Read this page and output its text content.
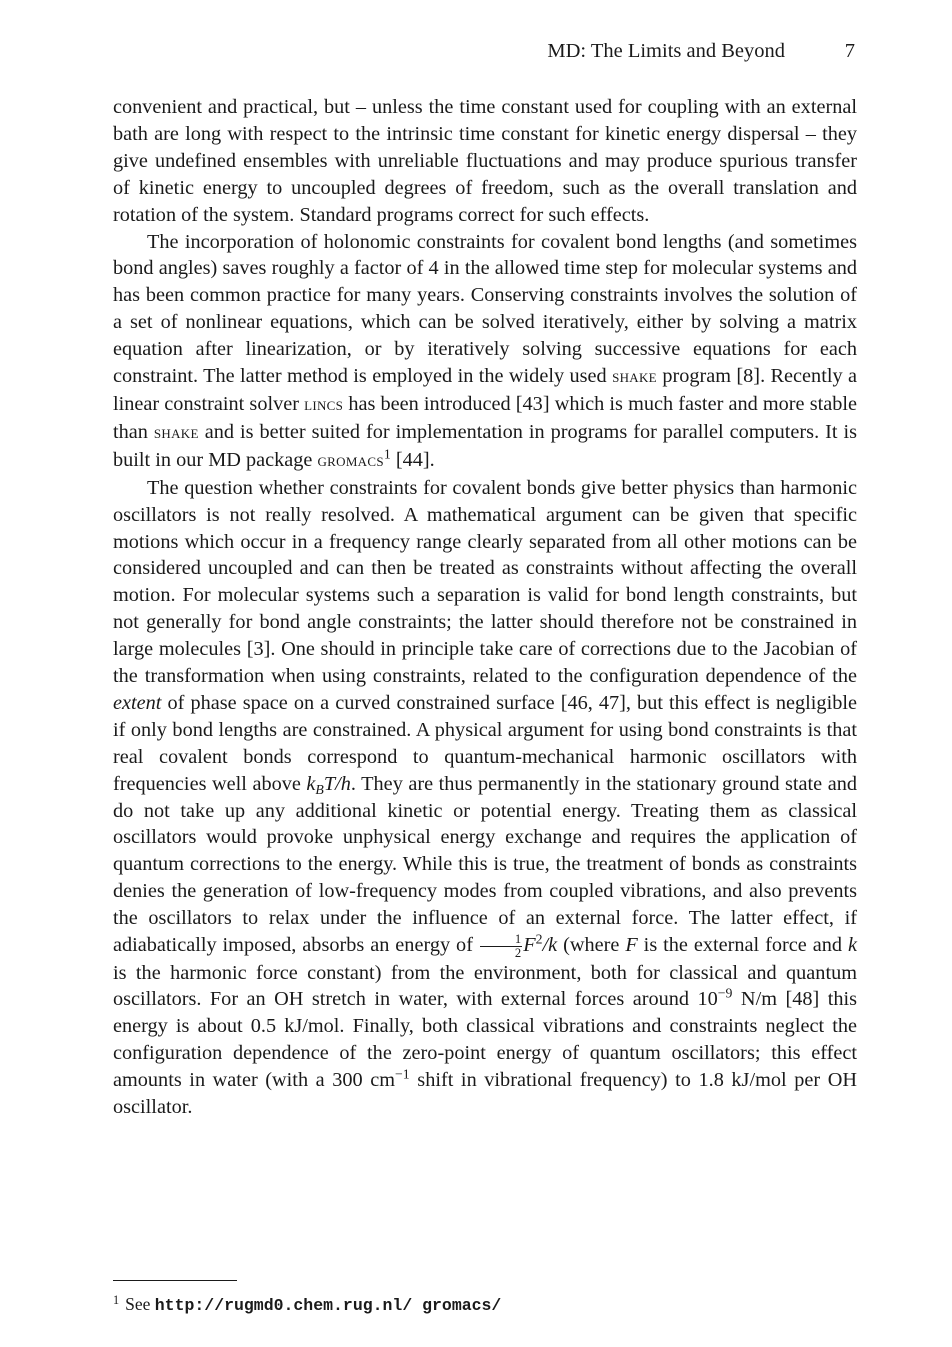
MD: The Limits and Beyond	7

convenient and practical, but – unless the time constant used for coupling with an external bath are long with respect to the intrinsic time constant for kinetic energy dispersal – they give undefined ensembles with unreliable fluctuations and may produce spurious transfer of kinetic energy to uncoupled degrees of freedom, such as the overall translation and rotation of the system. Standard programs correct for such effects.

The incorporation of holonomic constraints for covalent bond lengths (and sometimes bond angles) saves roughly a factor of 4 in the allowed time step for molecular systems and has been common practice for many years. Conserving constraints involves the solution of a set of nonlinear equations, which can be solved iteratively, either by solving a matrix equation after linearization, or by iteratively solving successive equations for each constraint. The latter method is employed in the widely used shake program [8]. Recently a linear constraint solver lincs has been introduced [43] which is much faster and more stable than shake and is better suited for implementation in programs for parallel computers. It is built in our MD package gromacs$^1$ [44].

The question whether constraints for covalent bonds give better physics than harmonic oscillators is not really resolved. A mathematical argument can be given that specific motions which occur in a frequency range clearly separated from all other motions can be considered uncoupled and can then be treated as constraints without affecting the overall motion. For molecular systems such a separation is valid for bond length constraints, but not generally for bond angle constraints; the latter should therefore not be constrained in large molecules [3]. One should in principle take care of corrections due to the Jacobian of the transformation when using constraints, related to the configuration dependence of the extent of phase space on a curved constrained surface [46, 47], but this effect is negligible if only bond lengths are constrained. A physical argument for using bond constraints is that real covalent bonds correspond to quantum-mechanical harmonic oscillators with frequencies well above $k_BT/h$. They are thus permanently in the stationary ground state and do not take up any additional kinetic or potential energy. Treating them as classical oscillators would provoke unphysical energy exchange and requires the application of quantum corrections to the energy. While this is true, the treatment of bonds as constraints denies the generation of low-frequency modes from coupled vibrations, and also prevents the oscillators to relax under the influence of an external force. The latter effect, if adiabatically imposed, absorbs an energy of $\frac{1}{2} F^2/k$ (where F is the external force and k is the harmonic force constant) from the environment, both for classical and quantum oscillators. For an OH stretch in water, with external forces around $10^{-9}$ N/m [48] this energy is about 0.5 kJ/mol. Finally, both classical vibrations and constraints neglect the configuration dependence of the zero-point energy of quantum oscillators; this effect amounts in water (with a 300 $cm^{-1}$ shift in vibrational frequency) to 1.8 kJ/mol per OH oscillator.

$^1$ See http://rugmd0.chem.rug.nl/ gromacs/
